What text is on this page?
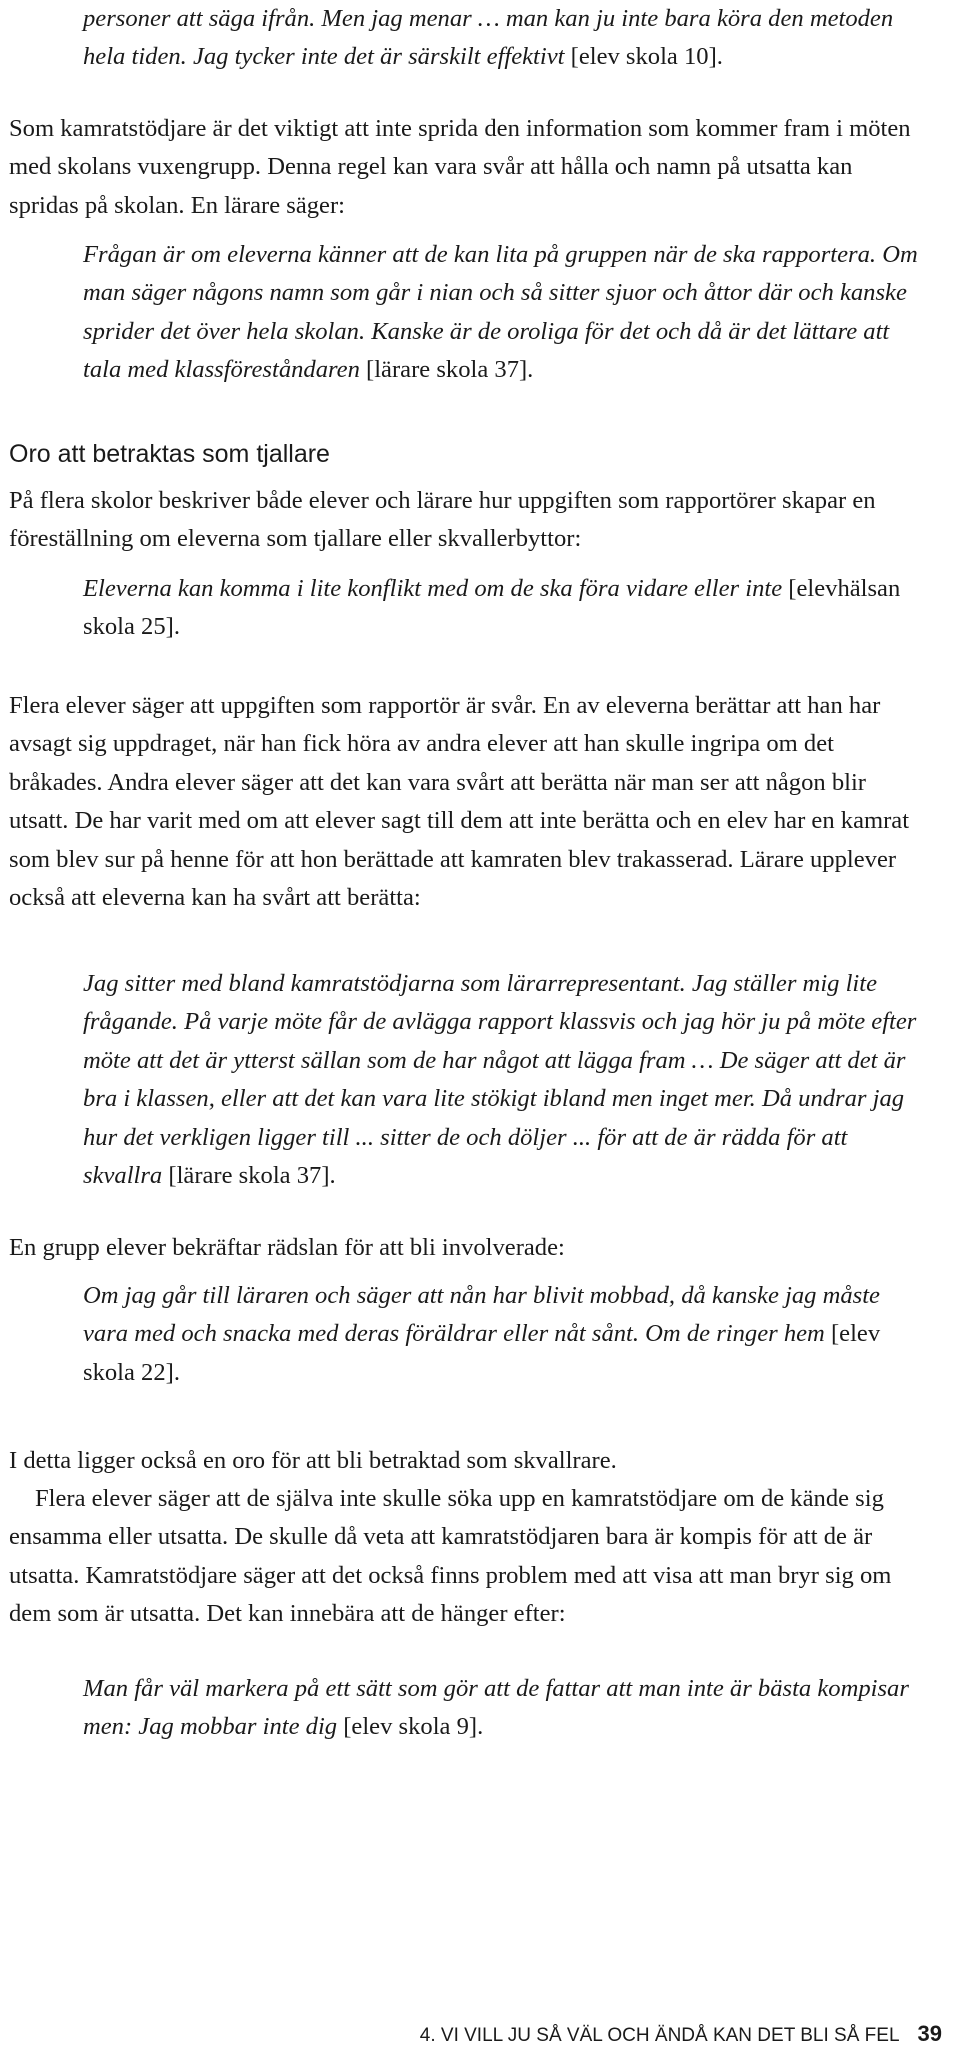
personer att säga ifrån. Men jag menar … man kan ju inte bara köra den metoden hela tiden. Jag tycker inte det är särskilt effektivt [elev skola 10].

Som kamratstödjare är det viktigt att inte sprida den information som kommer fram i möten med skolans vuxengrupp. Denna regel kan vara svår att hålla och namn på utsatta kan spridas på skolan. En lärare säger:

Frågan är om eleverna känner att de kan lita på gruppen när de ska rapportera. Om man säger någons namn som går i nian och så sitter sjuor och åttor där och kanske sprider det över hela skolan. Kanske är de oroliga för det och då är det lättare att tala med klassföreståndaren [lärare skola 37].

Oro att betraktas som tjallare

På flera skolor beskriver både elever och lärare hur uppgiften som rapportörer skapar en föreställning om eleverna som tjallare eller skvallerbyttor:

Eleverna kan komma i lite konflikt med om de ska föra vidare eller inte [elevhälsan skola 25].

Flera elever säger att uppgiften som rapportör är svår. En av eleverna berättar att han har avsagt sig uppdraget, när han fick höra av andra elever att han skulle ingripa om det bråkades. Andra elever säger att det kan vara svårt att berätta när man ser att någon blir utsatt. De har varit med om att elever sagt till dem att inte berätta och en elev har en kamrat som blev sur på henne för att hon berättade att kamraten blev trakasserad. Lärare upplever också att eleverna kan ha svårt att berätta:

Jag sitter med bland kamratstödjarna som lärarrepresentant. Jag ställer mig lite frågande. På varje möte får de avlägga rapport klassvis och jag hör ju på möte efter möte att det är ytterst sällan som de har något att lägga fram … De säger att det är bra i klassen, eller att det kan vara lite stökigt ibland men inget mer. Då undrar jag hur det verkligen ligger till ... sitter de och döljer ... för att de är rädda för att skvallra [lärare skola 37].

En grupp elever bekräftar rädslan för att bli involverade:

Om jag går till läraren och säger att nån har blivit mobbad, då kanske jag måste vara med och snacka med deras föräldrar eller nåt sånt. Om de ringer hem [elev skola 22].

I detta ligger också en oro för att bli betraktad som skvallrare.

Flera elever säger att de själva inte skulle söka upp en kamratstödjare om de kände sig ensamma eller utsatta. De skulle då veta att kamratstödjaren bara är kompis för att de är utsatta. Kamratstödjare säger att det också finns problem med att visa att man bryr sig om dem som är utsatta. Det kan innebära att de hänger efter:

Man får väl markera på ett sätt som gör att de fattar att man inte är bästa kompisar men: Jag mobbar inte dig [elev skola 9].

4. VI VILL JU SÅ VÄL OCH ÄNDÅ KAN DET BLI SÅ FEL 39
